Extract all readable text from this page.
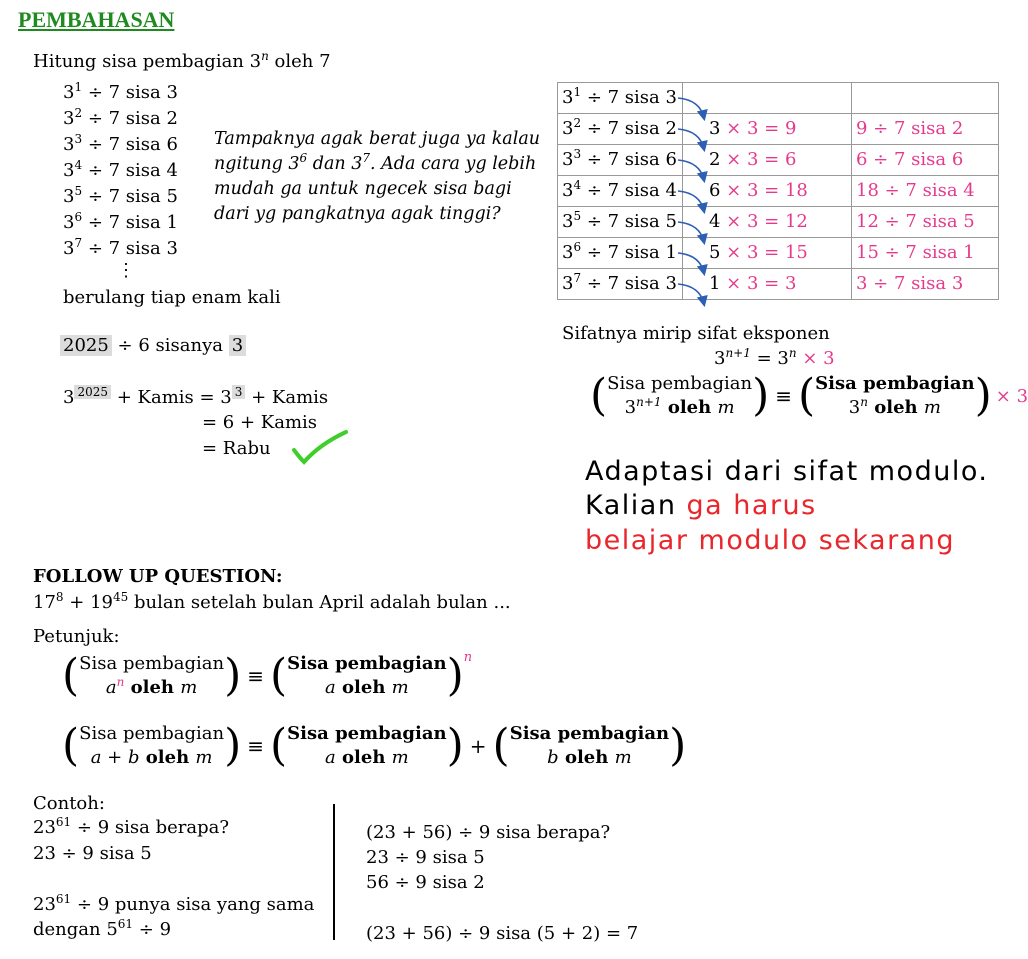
PEMBAHASAN
Hitung sisa pembagian 3$^n$ oleh 7
$3^1 \div 7$ sisa 3
$3^2 \div 7$ sisa 2
$3^3 \div 7$ sisa 6
$3^4 \div 7$ sisa 4
$3^5 \div 7$ sisa 5
$3^6 \div 7$ sisa 1
$3^7 \div 7$ sisa 3
⋮
berulang tiap enam kali
Tampaknya agak berat juga ya kalau
ngitung $3^6$ dan $3^7$. Ada cara yg lebih
mudah ga untuk ngecek sisa bagi
dari yg pangkatnya agak tinggi?
2025 ÷ 6 sisanya 3
3 $^{2025}$ + Kamis = 3 $^3$ + Kamis
= 6 + Kamis
= Rabu
$3^1 \div 7$ sisa 3		
$3^2 \div 7$ sisa 2	3 × 3 = 9	9 ÷ 7 sisa 2
$3^3 \div 7$ sisa 6	2 × 3 = 6	6 ÷ 7 sisa 6
$3^4 \div 7$ sisa 4	6 × 3 = 18	18 ÷ 7 sisa 4
$3^5 \div 7$ sisa 5	4 × 3 = 12	12 ÷ 7 sisa 5
$3^6 \div 7$ sisa 1	5 × 3 = 15	15 ÷ 7 sisa 1
$3^7 \div 7$ sisa 3	1 × 3 = 3	3 ÷ 7 sisa 3
Sifatnya mirip sifat eksponen
$3^{n+1} = 3^n \times 3$
( Sisa pembagian
$3^{n+1}$ oleh m ) ≡ ( Sisa pembagian
3$^n$ oleh m ) × 3
Adaptasi dari sifat modulo.
Kalian ga harus
belajar modulo sekarang
FOLLOW UP QUESTION:
$17^8 + 19^{45}$ bulan setelah bulan April adalah bulan ...
Petunjuk:
( Sisa pembagian
$a^n$ oleh m ) ≡ ( Sisa pembagian
a oleh m ) n
( Sisa pembagian
a + b oleh m ) ≡ ( Sisa pembagian
a oleh m ) + ( Sisa pembagian
b oleh m )
Contoh:
$23^{61} \div 9$ sisa berapa?
23 ÷ 9 sisa 5
$23^{61} \div 9$ punya sisa yang sama
dengan $5^{61} \div 9$
(23 + 56) ÷ 9 sisa berapa?
23 ÷ 9 sisa 5
56 ÷ 9 sisa 2
(23 + 56) ÷ 9 sisa (5 + 2) = 7
